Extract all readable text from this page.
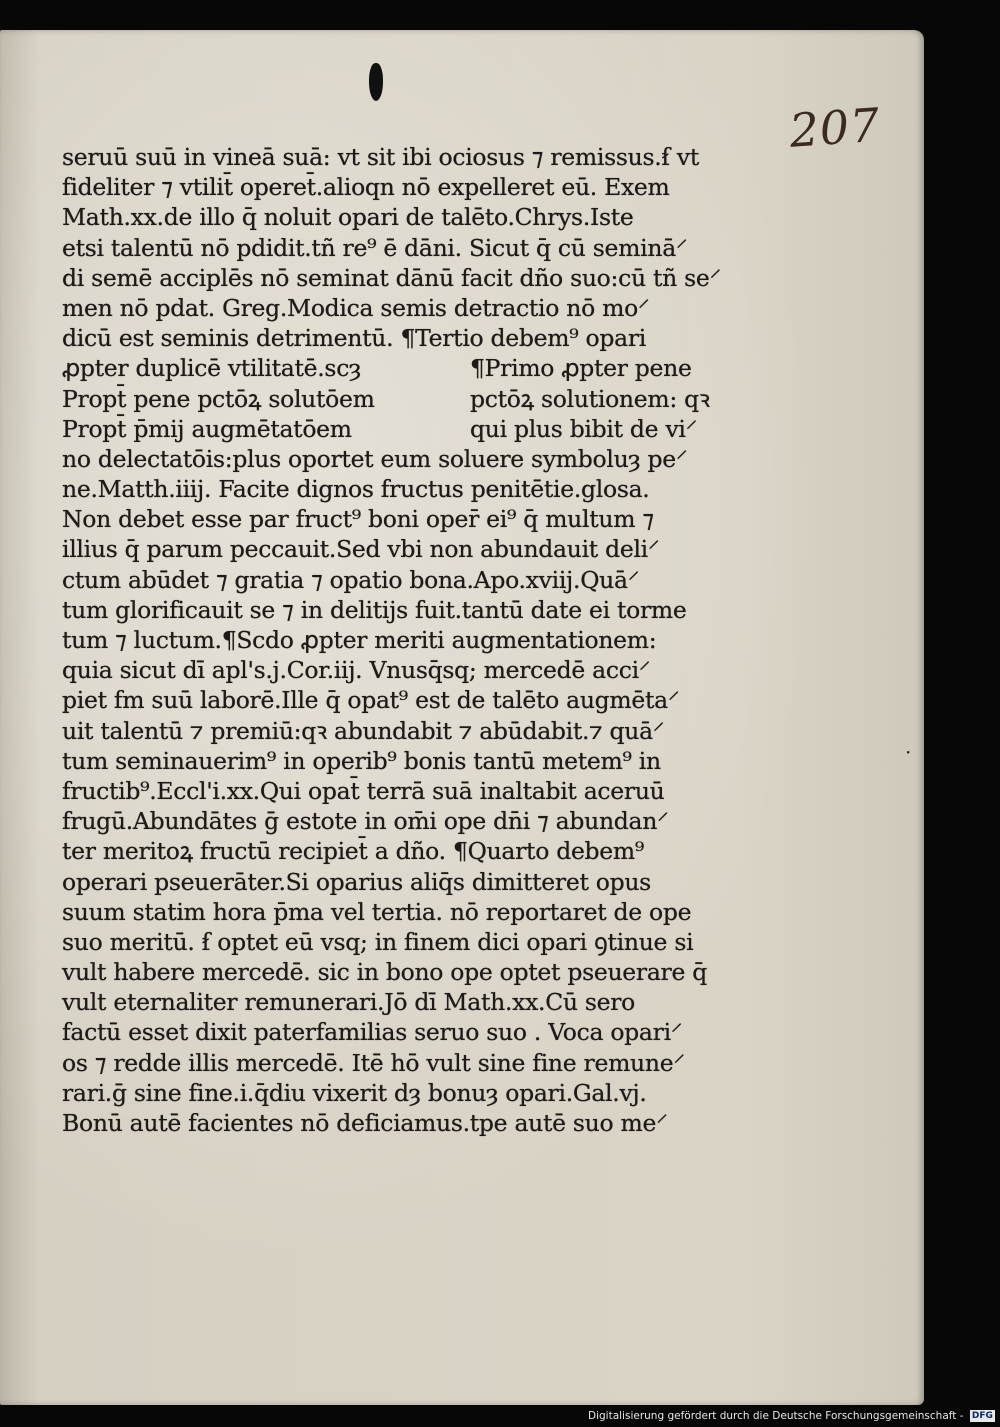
207
seruū suū in vineā suā: vt sit ibi ociosus ⁊ remissus.ẜ vt
fideliter ⁊ vtilit̄ operet̄.alioqn nō expelleret eū. Exem
Math.xx.de illo q̄ noluit opari de talēto.Chrys.Iste
etsi talentū nō pdidit.tñ re⁹ ē dāni. Sicut q̄ cū seminā⸍
di semē acciplēs nō seminat dānū facit dño suo:cū tñ se⸍
men nō pdat. Greg.Modica semis detractio nō mo⸍
dicū est seminis detrimentū. ¶Tertio debem⁹ opari
ꝓpter duplicē vtilitatē.scȝ	¶Primo ꝓpter pene
Propt̄ pene pctōꝝ solutōem	pctōꝝ solutionem: qꝛ
Propt̄ p̄mij augmētatōem	qui plus bibit de vi⸍
no delectatōis:plus oportet eum soluere symboluȝ pe⸍
ne.Matth.iiij. Facite dignos fructus penitētie.glosa.
Non debet esse par fruct⁹ boni oper̄ ei⁹ q̄ multum ⁊
illius q̄ parum peccauit.Sed vbi non abundauit deli⸍
ctum abūdet ⁊ gratia ⁊ opatio bona.Apo.xviij.Quā⸍
tum glorificauit se ⁊ in delitijs fuit.tantū date ei torme
tum ⁊ luctum.¶Scdo ꝓpter meriti augmentationem:
quia sicut dī apl's.j.Cor.iij. Vnusq̄sq; mercedē acci⸍
piet fm suū laborē.Ille q̄ opat⁹ est de talēto augmēta⸍
uit talentū ⁊ premiū:qꝛ abundabit ⁊ abūdabit.⁊ quā⸍
tum seminauerim⁹ in operib⁹ bonis tantū metem⁹ in
fructib⁹.Eccl'i.xx.Qui opat̄ terrā suā inaltabit aceruū
frugū.Abundātes ḡ estote in om̄i ope dn̄i ⁊ abundan⸍
ter meritoꝝ fructū recipiet̄ a dño. ¶Quarto debem⁹
operari pseuerāter.Si oparius aliq̄s dimitteret opus
suum statim hora p̄ma vel tertia. nō reportaret de ope
suo meritū. ẜ optet eū vsq; in finem dici opari ꝯtinue si
vult habere mercedē. sic in bono ope optet pseuerare q̄
vult eternaliter remunerari.Jō dī Math.xx.Cū sero
factū esset dixit paterfamilias seruo suo . Voca opari⸍
os ⁊ redde illis mercedē. Itē hō vult sine fine remune⸍
rari.ḡ sine fine.i.q̄diu vixerit dȝ bonuȝ opari.Gal.vj.
Bonū autē facientes nō deficiamus.tpe autē suo me⸍
·
Digitalisierung gefördert durch die Deutsche Forschungsgemeinschaft - DFG
